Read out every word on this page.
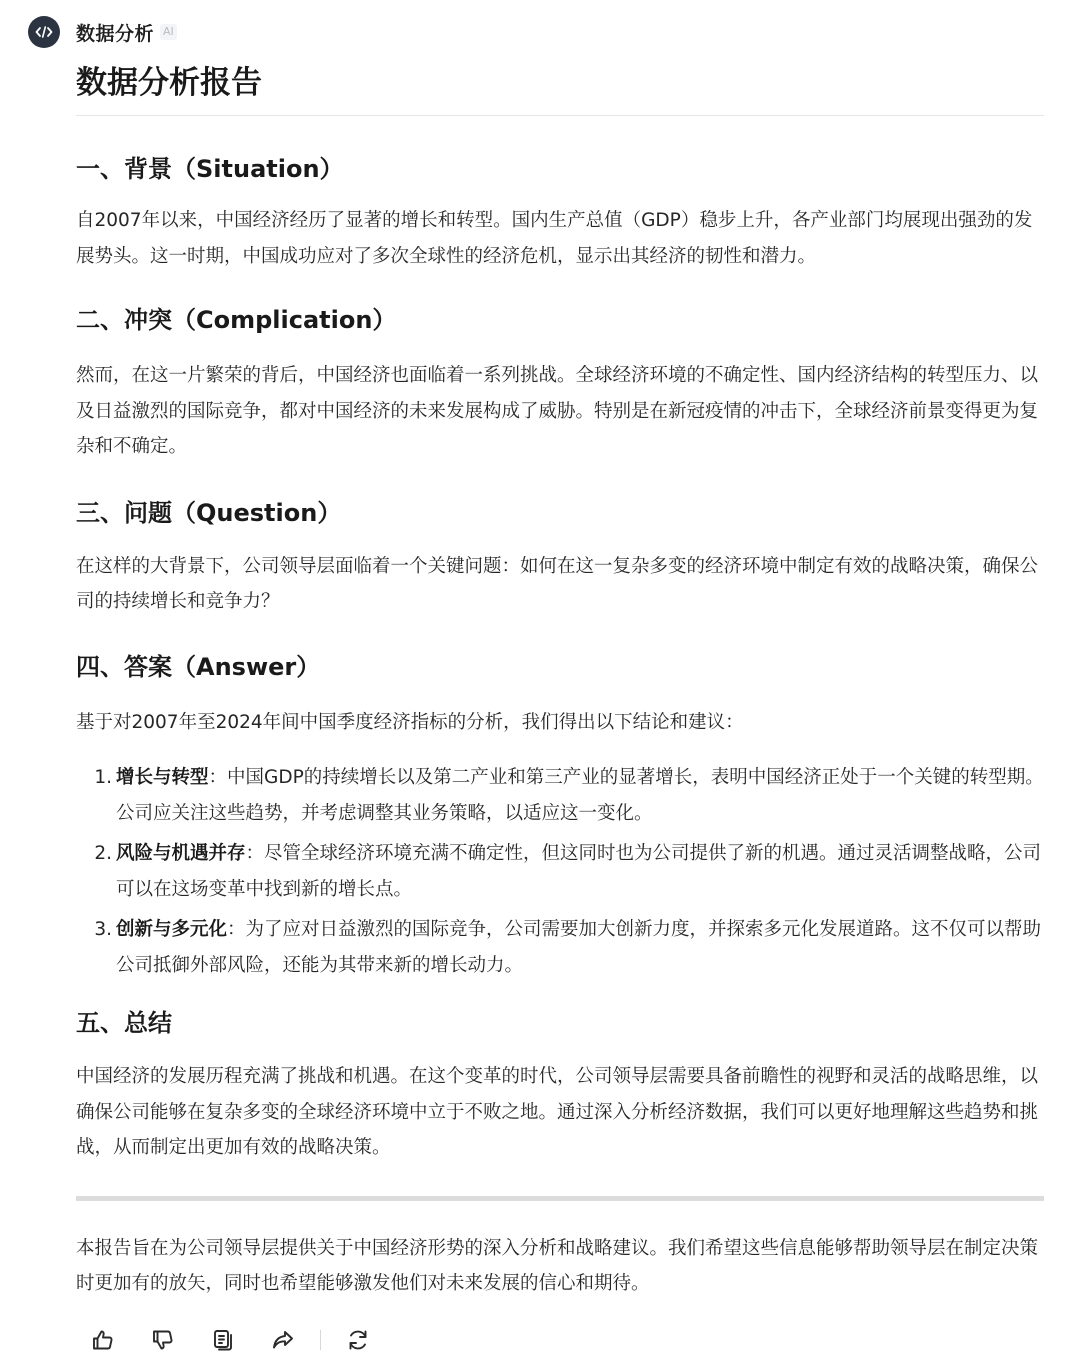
数据分析 AI
数据分析报告
一、背景（Situation）

自2007年以来，中国经济经历了显著的增长和转型。国内生产总值（GDP）稳步上升，各产业部门均展现出强劲的发展势头。这一时期，中国成功应对了多次全球性的经济危机，显示出其经济的韧性和潜力。

二、冲突（Complication）

然而，在这一片繁荣的背后，中国经济也面临着一系列挑战。全球经济环境的不确定性、国内经济结构的转型压力、以及日益激烈的国际竞争，都对中国经济的未来发展构成了威胁。特别是在新冠疫情的冲击下，全球经济前景变得更为复杂和不确定。

三、问题（Question）

在这样的大背景下，公司领导层面临着一个关键问题：如何在这一复杂多变的经济环境中制定有效的战略决策，确保公司的持续增长和竞争力？

四、答案（Answer）

基于对2007年至2024年间中国季度经济指标的分析，我们得出以下结论和建议：

1. 增长与转型：中国GDP的持续增长以及第二产业和第三产业的显著增长，表明中国经济正处于一个关键的转型期。公司应关注这些趋势，并考虑调整其业务策略，以适应这一变化。
2. 风险与机遇并存：尽管全球经济环境充满不确定性，但这同时也为公司提供了新的机遇。通过灵活调整战略，公司可以在这场变革中找到新的增长点。
3. 创新与多元化：为了应对日益激烈的国际竞争，公司需要加大创新力度，并探索多元化发展道路。这不仅可以帮助公司抵御外部风险，还能为其带来新的增长动力。
五、总结

中国经济的发展历程充满了挑战和机遇。在这个变革的时代，公司领导层需要具备前瞻性的视野和灵活的战略思维，以确保公司能够在复杂多变的全球经济环境中立于不败之地。通过深入分析经济数据，我们可以更好地理解这些趋势和挑战，从而制定出更加有效的战略决策。

本报告旨在为公司领导层提供关于中国经济形势的深入分析和战略建议。我们希望这些信息能够帮助领导层在制定决策时更加有的放矢，同时也希望能够激发他们对未来发展的信心和期待。
